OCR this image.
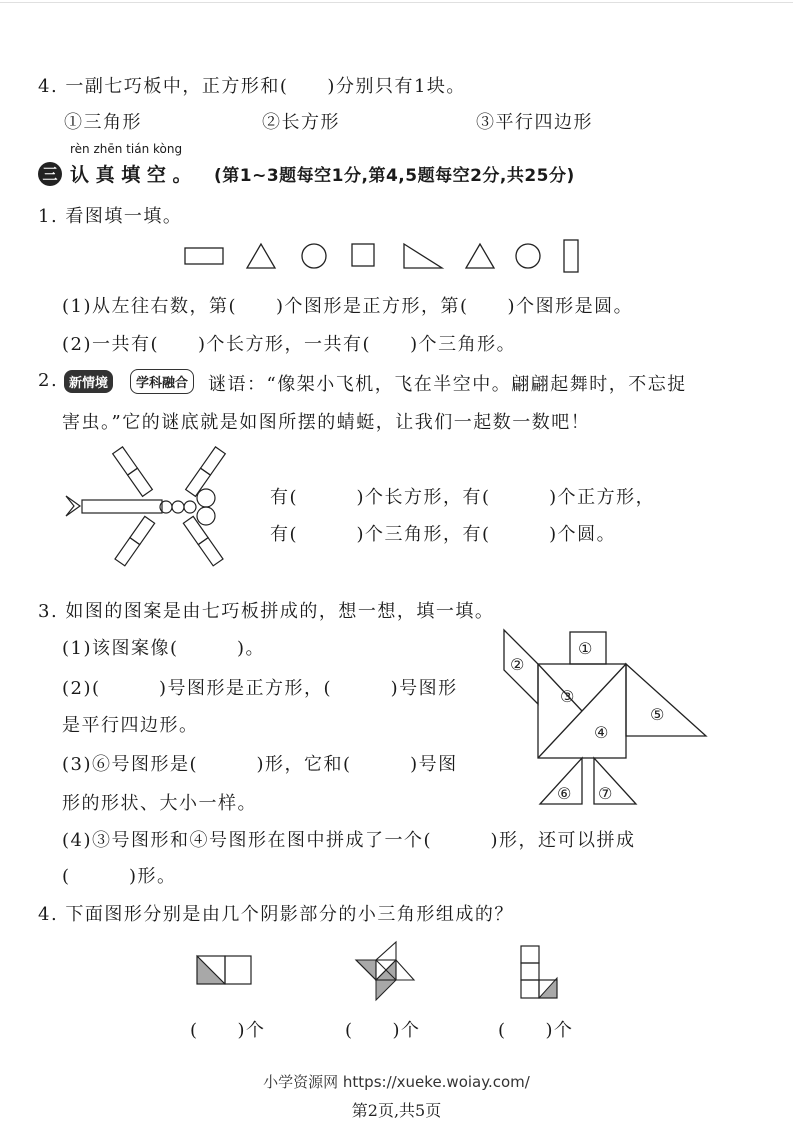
4. 一副七巧板中，正方形和(　　)分别只有1块。
①三角形	②长方形	③平行四边形
rèn zhēn tián kòng
三 认 真 填 空 。 (第1~3题每空1分,第4,5题每空2分,共25分)
1. 看图填一填。
(1)从左往右数，第(　　)个图形是正方形，第(　　)个图形是圆。
(2)一共有(　　)个长方形，一共有(　　)个三角形。
2. 新情境	学科融合	谜语：“像架小飞机，飞在半空中。翩翩起舞时，不忘捉
害虫。”它的谜底就是如图所摆的蜻蜓，让我们一起数一数吧！
有(　　　)个长方形，有(　　　)个正方形，
有(　　　)个三角形，有(　　　)个圆。
3. 如图的图案是由七巧板拼成的，想一想，填一填。
(1)该图案像(　　　)。
(2)(　　　)号图形是正方形，(　　　)号图形
是平行四边形。
(3)⑥号图形是(　　　)形，它和(　　　)号图
形的形状、大小一样。
(4)③号图形和④号图形在图中拼成了一个(　　　)形，还可以拼成
(　　　)形。
①
②
③
④
⑤
⑥ ⑦
4. 下面图形分别是由几个阴影部分的小三角形组成的？
(　　)个	(　　)个	(　　)个
小学资源网 https://xueke.woiay.com/
第2页,共5页
